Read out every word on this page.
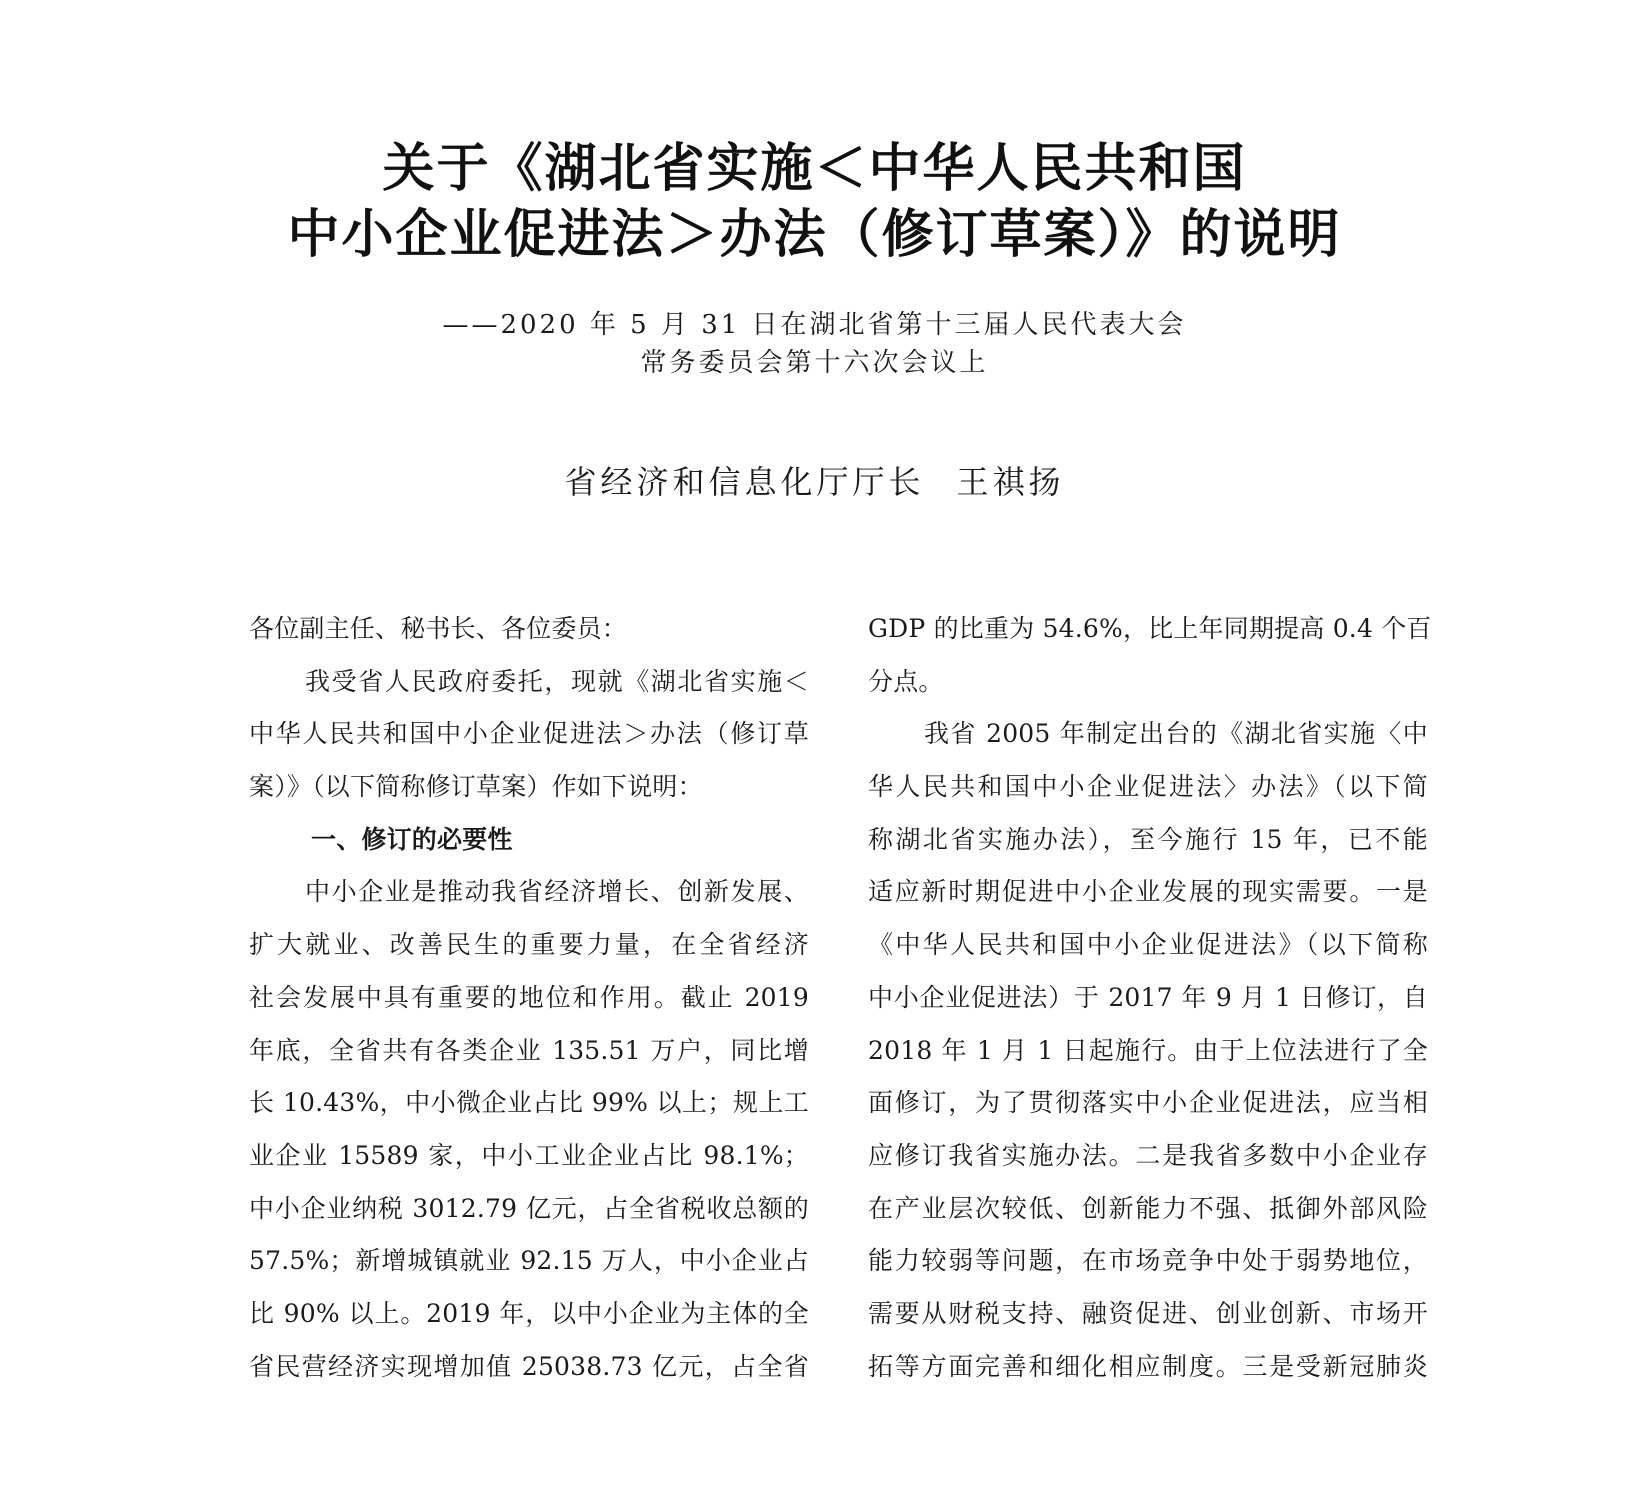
关于《湖北省实施＜中华人民共和国
中小企业促进法＞办法（修订草案）》的说明
——2020 年 5 月 31 日在湖北省第十三届人民代表大会
常务委员会第十六次会议上
省经济和信息化厅厅长 王祺扬
各位副主任、秘书长、各位委员：
我受省人民政府委托，现就《湖北省实施＜
中华人民共和国中小企业促进法＞办法（修订草
案）》（以下简称修订草案）作如下说明：
一、修订的必要性
中小企业是推动我省经济增长、创新发展、
扩大就业、改善民生的重要力量，在全省经济
社会发展中具有重要的地位和作用。截止 2019
年底，全省共有各类企业 135.51 万户，同比增
长 10.43%，中小微企业占比 99% 以上；规上工
业企业 15589 家，中小工业企业占比 98.1%；
中小企业纳税 3012.79 亿元，占全省税收总额的
57.5%；新增城镇就业 92.15 万人，中小企业占
比 90% 以上。2019 年，以中小企业为主体的全
省民营经济实现增加值 25038.73 亿元，占全省
GDP 的比重为 54.6%，比上年同期提高 0.4 个百
分点。
我省 2005 年制定出台的《湖北省实施〈中
华人民共和国中小企业促进法〉办法》（以下简
称湖北省实施办法），至今施行 15 年，已不能
适应新时期促进中小企业发展的现实需要。一是
《中华人民共和国中小企业促进法》（以下简称
中小企业促进法）于 2017 年 9 月 1 日修订，自
2018 年 1 月 1 日起施行。由于上位法进行了全
面修订，为了贯彻落实中小企业促进法，应当相
应修订我省实施办法。二是我省多数中小企业存
在产业层次较低、创新能力不强、抵御外部风险
能力较弱等问题，在市场竞争中处于弱势地位，
需要从财税支持、融资促进、创业创新、市场开
拓等方面完善和细化相应制度。三是受新冠肺炎
